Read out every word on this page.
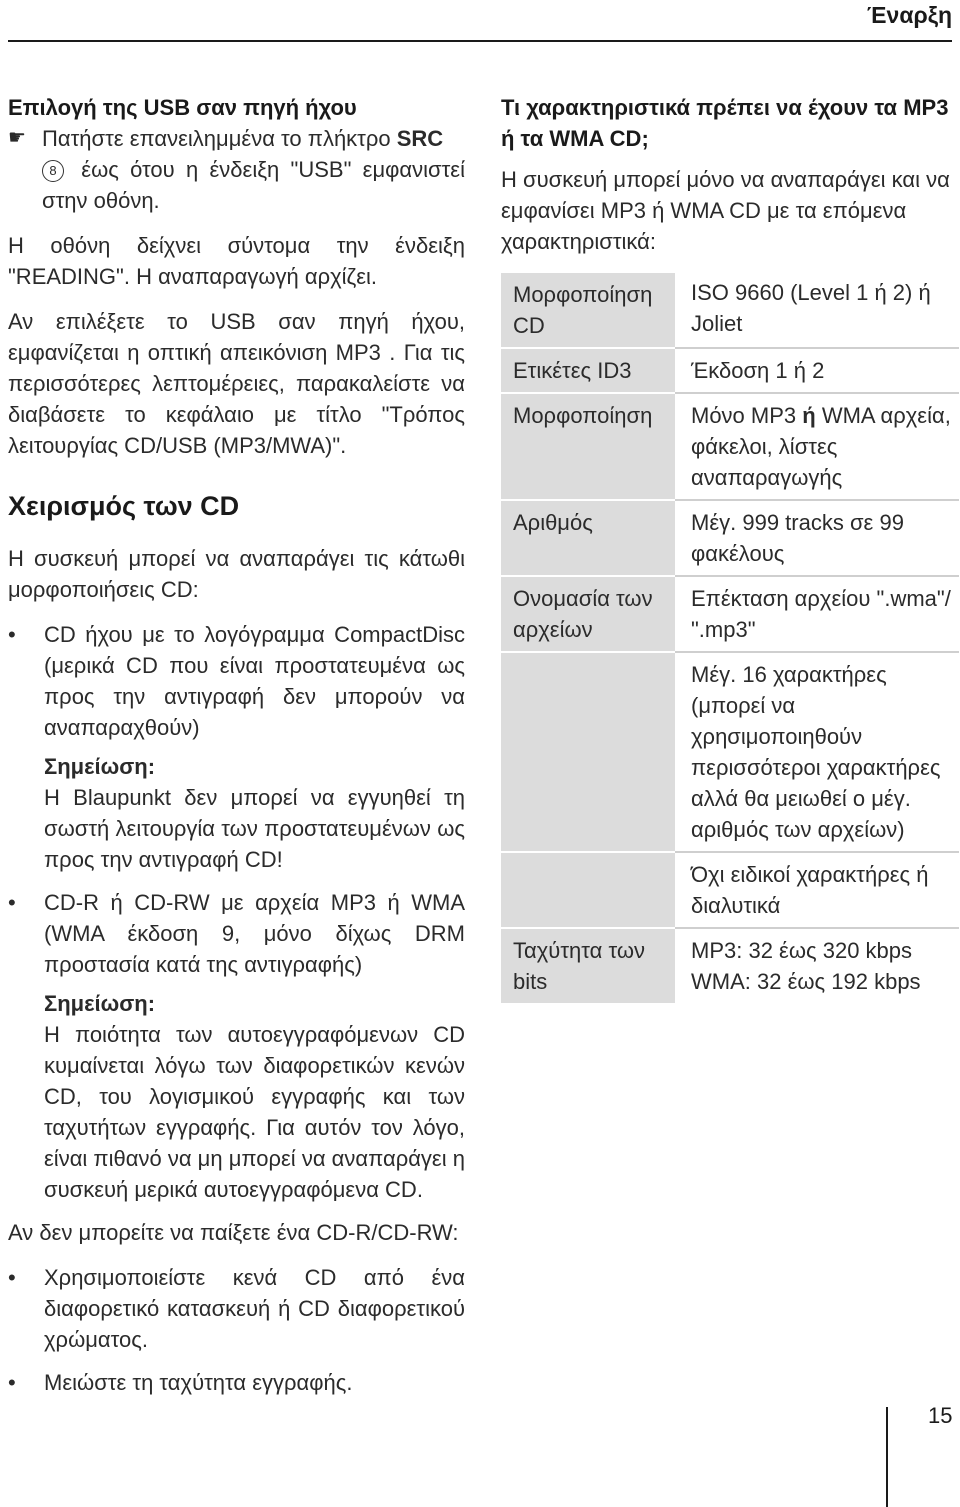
Έναρξη
Επιλογή της USB σαν πηγή ήχου
☛ Πατήστε επανειλημμένα το πλήκτρο SRC
8 έως ότου η ένδειξη "USB" εμφανιστεί στην οθόνη.

Η οθόνη δείχνει σύντομα την ένδειξη "READING". Η αναπαραγωγή αρχίζει.

Αν επιλέξετε το USB σαν πηγή ήχου, εμφανίζεται η οπτική απεικόνιση MP3 . Για τις περισσότερες λεπτομέρειες, παρακαλείστε να διαβάσετε το κεφάλαιο με τίτλο "Τρόπος λειτουργίας CD/USB (MP3/MWA)".

Χειρισμός των CD

Η συσκευή μπορεί να αναπαράγει τις κάτωθι μορφοποιήσεις CD:

• CD ήχου με το λογόγραμμα CompactDisc (μερικά CD που είναι προστατευμένα ως προς την αντιγραφή δεν μπορούν να αναπαραχθούν)
Σημείωση:
Η Blaupunkt δεν μπορεί να εγγυηθεί τη σωστή λειτουργία των προστατευμένων ως προς την αντιγραφή CD!
• CD-R ή CD-RW με αρχεία MP3 ή WMA (WMA έκδοση 9, μόνο δίχως DRM προστασία κατά της αντιγραφής)
Σημείωση:
Η ποιότητα των αυτοεγγραφόμενων CD κυμαίνεται λόγω των διαφορετικών κενών CD, του λογισμικού εγγραφής και των ταχυτήτων εγγραφής. Για αυτόν τον λόγο, είναι πιθανό να μη μπορεί να αναπαράγει η συσκευή μερικά αυτοεγγραφόμενα CD.

Αν δεν μπορείτε να παίξετε ένα CD-R/CD-RW:

• Χρησιμοποιείστε κενά CD από ένα διαφορετικό κατασκευή ή CD διαφορετικού χρώματος.
• Μειώστε τη ταχύτητα εγγραφής.
Τι χαρακτηριστικά πρέπει να έχουν τα MP3 ή τα WMA CD;

Η συσκευή μπορεί μόνο να αναπαράγει και να εμφανίσει MP3 ή WMA CD με τα επόμενα χαρακτηριστικά:

Μορφοποίηση CD	ISO 9660 (Level 1 ή 2) ή Joliet
Ετικέτες ID3	Έκδοση 1 ή 2
Μορφοποίηση	Μόνο MP3 ή WMA αρχεία, φάκελοι, λίστες αναπαραγωγής
Αριθμός	Μέγ. 999 tracks σε 99 φακέλους
Ονομασία των αρχείων	Επέκταση αρχείου ".wma"/ ".mp3"
	Μέγ. 16 χαρακτήρες (μπορεί να χρησιμοποιηθούν περισσότεροι χαρακτήρες αλλά θα μειωθεί ο μέγ. αριθμός των αρχείων)
	Όχι ειδικοί χαρακτήρες ή διαλυτικά
Ταχύτητα των bits	MP3: 32 έως 320 kbps
WMA: 32 έως 192 kbps
15
